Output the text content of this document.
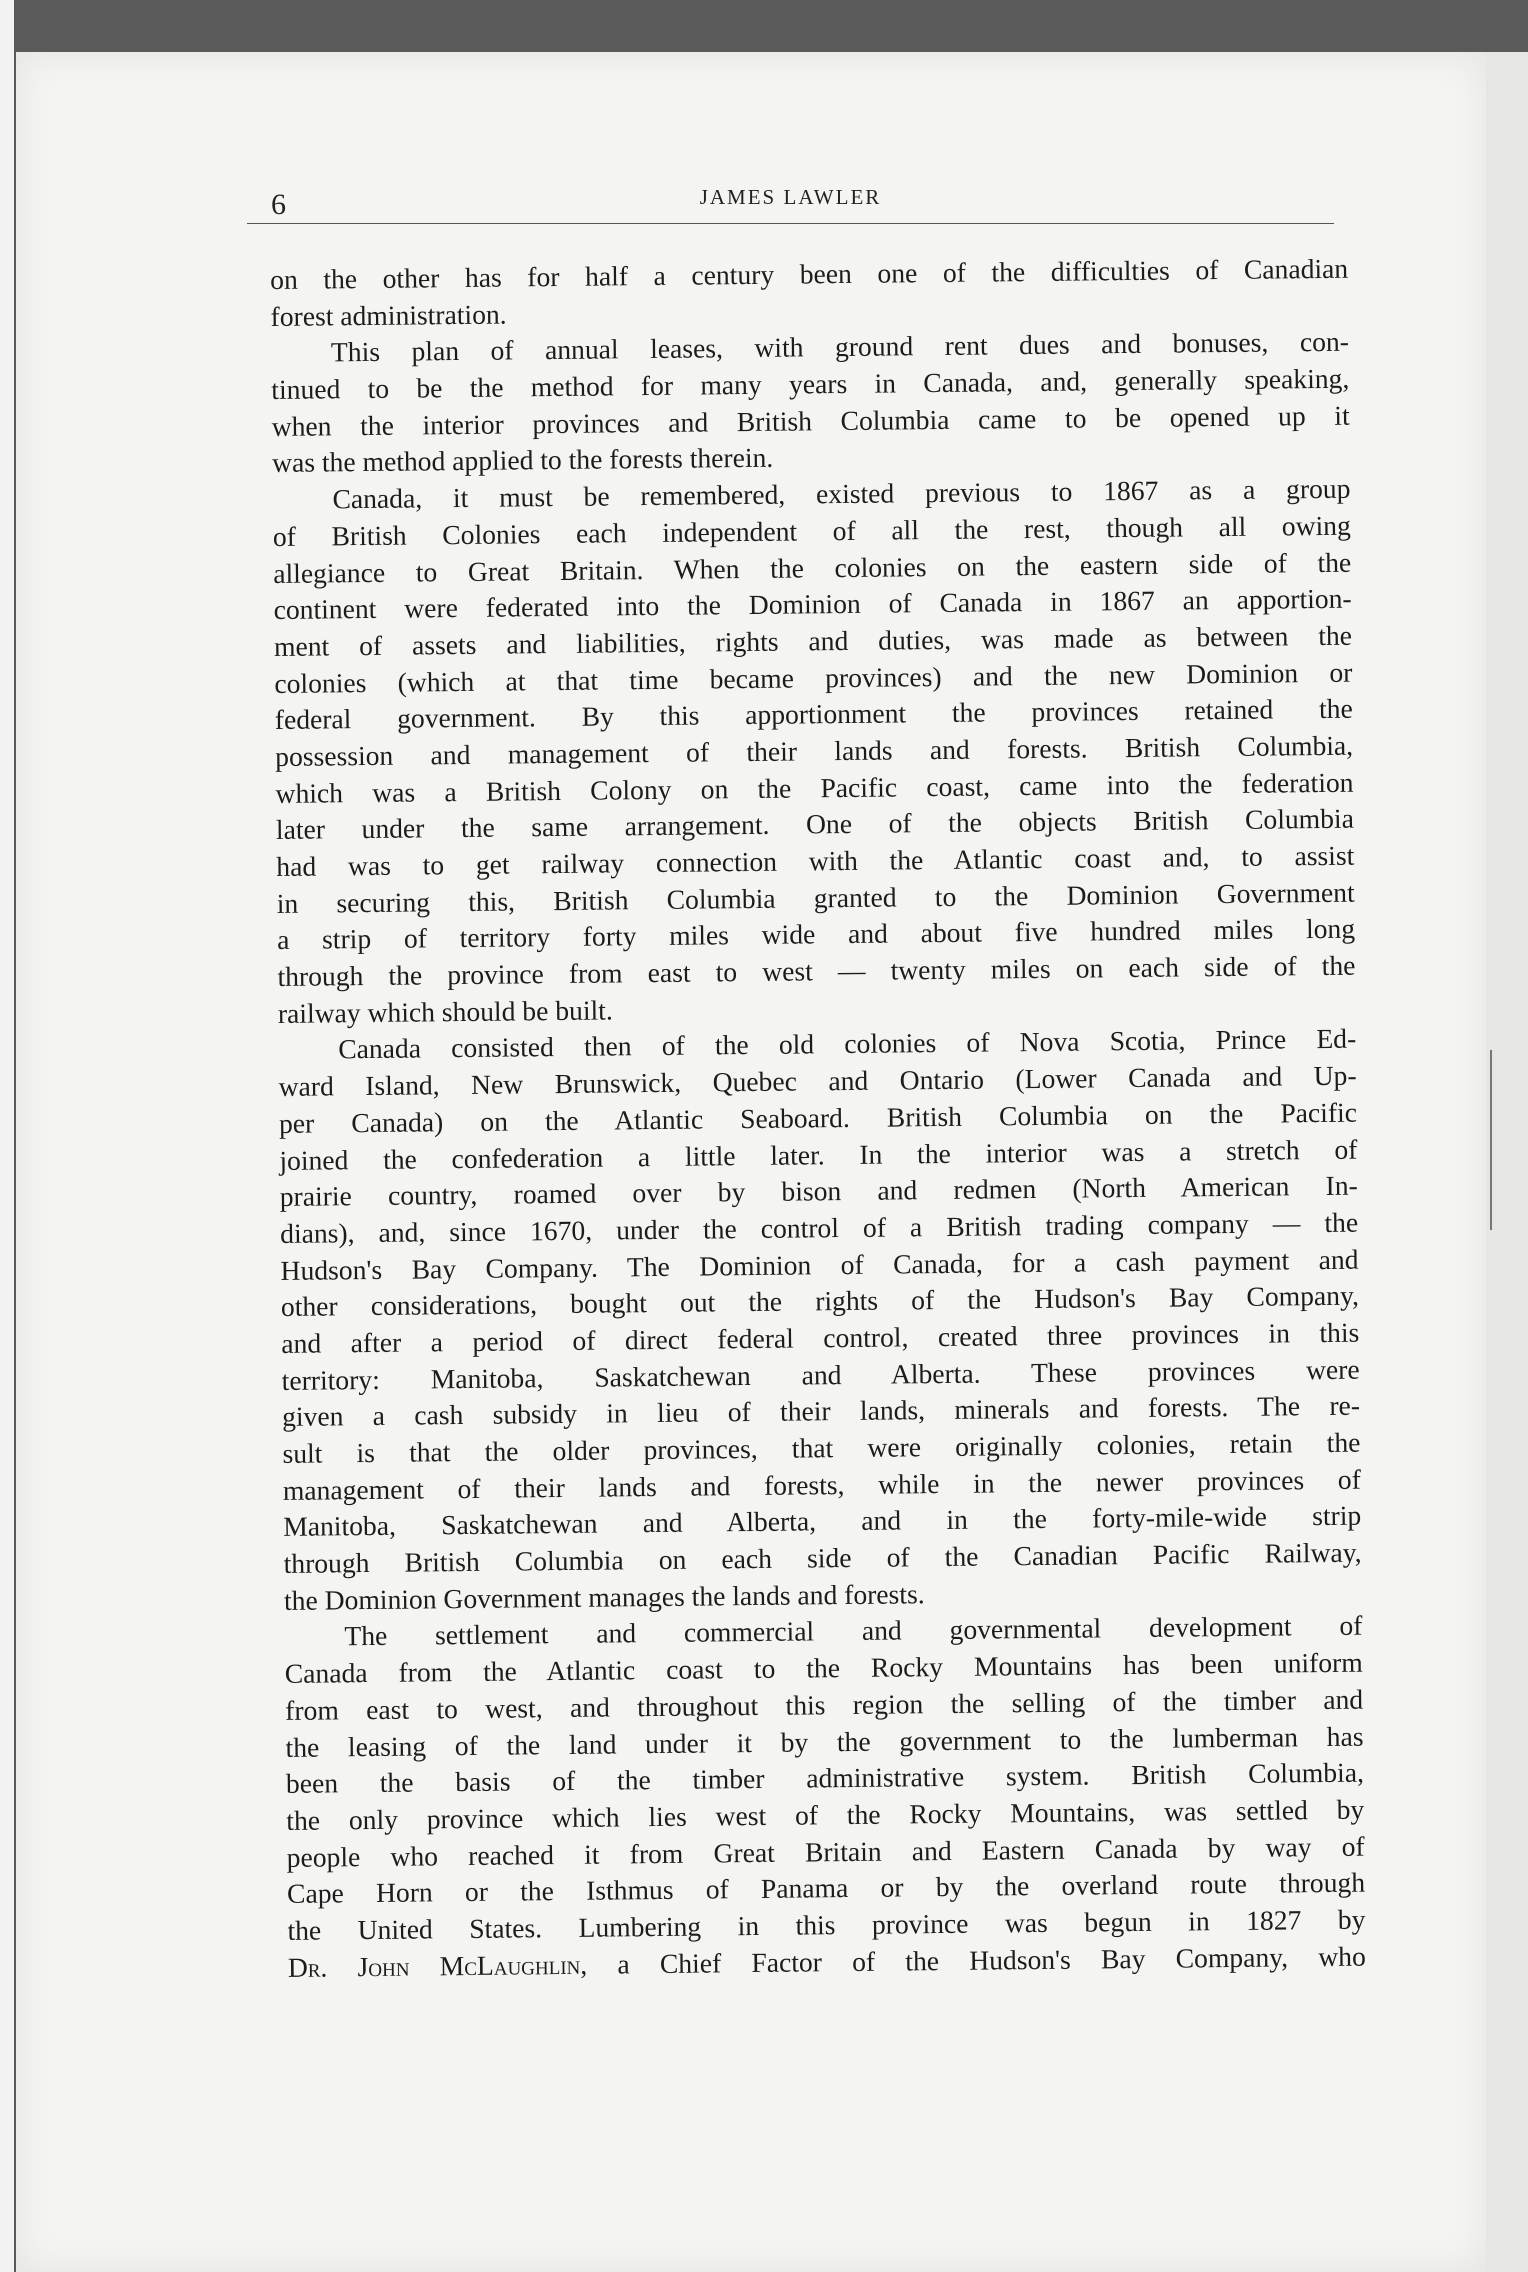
6	JAMES LAWLER
on the other has for half a century been one of the difficulties of Canadian
forest administration.
This plan of annual leases, with ground rent dues and bonuses, con-
tinued to be the method for many years in Canada, and, generally speaking,
when the interior provinces and British Columbia came to be opened up it
was the method applied to the forests therein.
Canada, it must be remembered, existed previous to 1867 as a group
of British Colonies each independent of all the rest, though all owing
allegiance to Great Britain. When the colonies on the eastern side of the
continent were federated into the Dominion of Canada in 1867 an apportion-
ment of assets and liabilities, rights and duties, was made as between the
colonies (which at that time became provinces) and the new Dominion or
federal government. By this apportionment the provinces retained the
possession and management of their lands and forests. British Columbia,
which was a British Colony on the Pacific coast, came into the federation
later under the same arrangement. One of the objects British Columbia
had was to get railway connection with the Atlantic coast and, to assist
in securing this, British Columbia granted to the Dominion Government
a strip of territory forty miles wide and about five hundred miles long
through the province from east to west — twenty miles on each side of the
railway which should be built.
Canada consisted then of the old colonies of Nova Scotia, Prince Ed-
ward Island, New Brunswick, Quebec and Ontario (Lower Canada and Up-
per Canada) on the Atlantic Seaboard. British Columbia on the Pacific
joined the confederation a little later. In the interior was a stretch of
prairie country, roamed over by bison and redmen (North American In-
dians), and, since 1670, under the control of a British trading company — the
Hudson's Bay Company. The Dominion of Canada, for a cash payment and
other considerations, bought out the rights of the Hudson's Bay Company,
and after a period of direct federal control, created three provinces in this
territory: Manitoba, Saskatchewan and Alberta. These provinces were
given a cash subsidy in lieu of their lands, minerals and forests. The re-
sult is that the older provinces, that were originally colonies, retain the
management of their lands and forests, while in the newer provinces of
Manitoba, Saskatchewan and Alberta, and in the forty-mile-wide strip
through British Columbia on each side of the Canadian Pacific Railway,
the Dominion Government manages the lands and forests.
The settlement and commercial and governmental development of
Canada from the Atlantic coast to the Rocky Mountains has been uniform
from east to west, and throughout this region the selling of the timber and
the leasing of the land under it by the government to the lumberman has
been the basis of the timber administrative system. British Columbia,
the only province which lies west of the Rocky Mountains, was settled by
people who reached it from Great Britain and Eastern Canada by way of
Cape Horn or the Isthmus of Panama or by the overland route through
the United States. Lumbering in this province was begun in 1827 by
Dr. John McLaughlin, a Chief Factor of the Hudson's Bay Company, who
